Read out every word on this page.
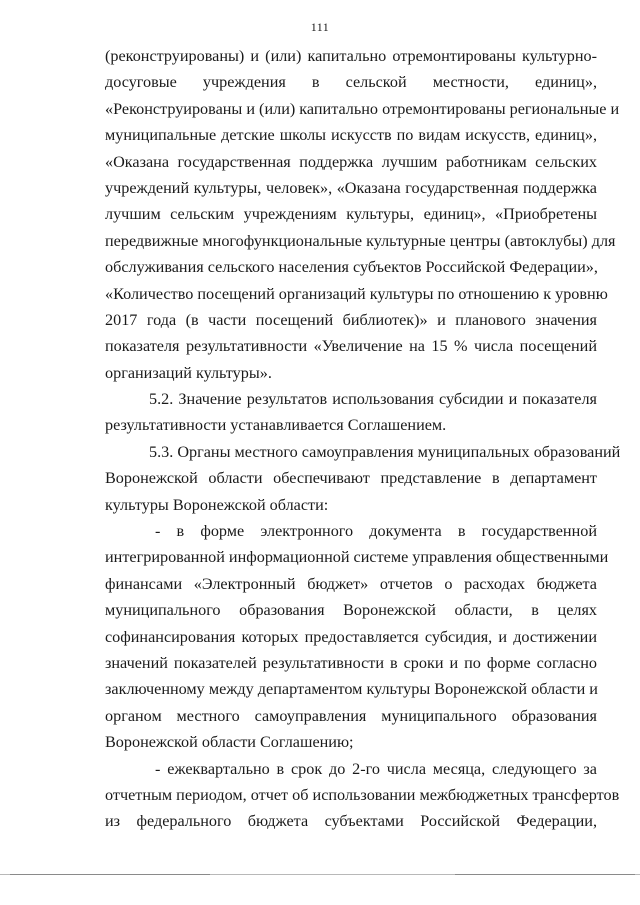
111
(реконструированы) и (или) капитально отремонтированы культурно-
досуговые учреждения в сельской местности, единиц»,
«Реконструированы и (или) капитально отремонтированы региональные и
муниципальные детские школы искусств по видам искусств, единиц»,
«Оказана государственная поддержка лучшим работникам сельских
учреждений культуры, человек», «Оказана государственная поддержка
лучшим сельским учреждениям культуры, единиц», «Приобретены
передвижные многофункциональные культурные центры (автоклубы) для
обслуживания сельского населения субъектов Российской Федерации»,
«Количество посещений организаций культуры по отношению к уровню
2017 года (в части посещений библиотек)» и планового значения
показателя результативности «Увеличение на 15 % числа посещений
организаций культуры».
5.2. Значение результатов использования субсидии и показателя
результативности устанавливается Соглашением.
5.3. Органы местного самоуправления муниципальных образований
Воронежской области обеспечивают представление в департамент
культуры Воронежской области:
- в форме электронного документа в государственной
интегрированной информационной системе управления общественными
финансами «Электронный бюджет» отчетов о расходах бюджета
муниципального образования Воронежской области, в целях
софинансирования которых предоставляется субсидия, и достижении
значений показателей результативности в сроки и по форме согласно
заключенному между департаментом культуры Воронежской области и
органом местного самоуправления муниципального образования
Воронежской области Соглашению;
- ежеквартально в срок до 2-го числа месяца, следующего за
отчетным периодом, отчет об использовании межбюджетных трансфертов
из федерального бюджета субъектами Российской Федерации,
